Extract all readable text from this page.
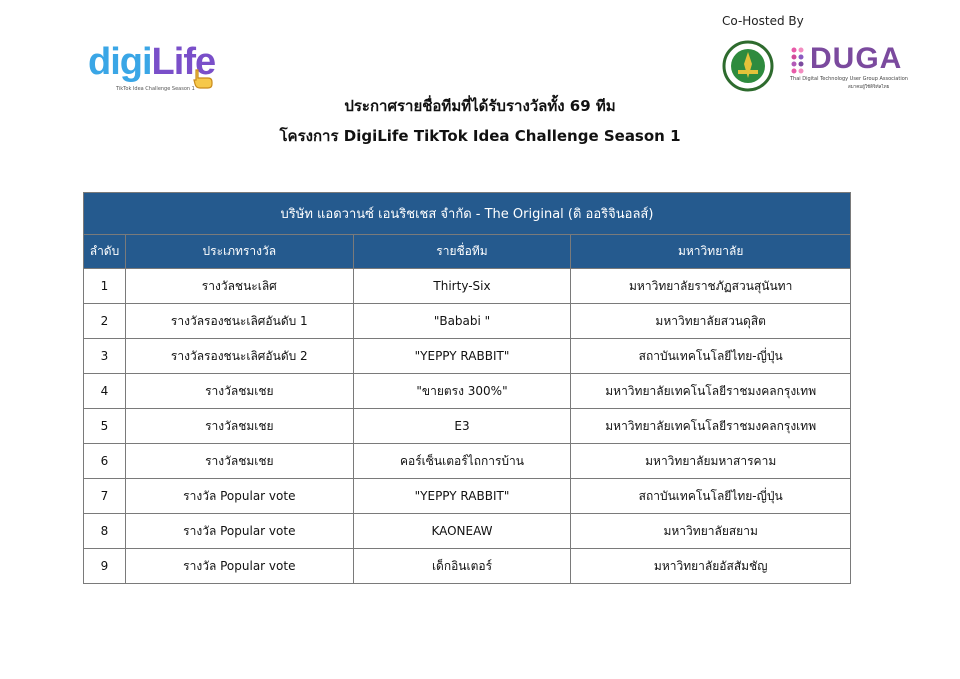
Co-Hosted By
digiLife
TikTok Idea Challenge Season 1
DUGA
Thai Digital Technology User Group Association
สมาคมผู้ใช้ดิจิทัลไทย
ประกาศรายชื่อทีมที่ได้รับรางวัลทั้ง 69 ทีม
โครงการ DigiLife TikTok Idea Challenge Season 1
บริษัท แอดวานซ์ เอนริชเชส จำกัด - The Original (ดิ ออริจินอลส์)			
ลำดับ	ประเภทรางวัล	รายชื่อทีม	มหาวิทยาลัย
1	รางวัลชนะเลิศ	Thirty-Six	มหาวิทยาลัยราชภัฏสวนสุนันทา
2	รางวัลรองชนะเลิศอันดับ 1	"Bababi "	มหาวิทยาลัยสวนดุสิต
3	รางวัลรองชนะเลิศอันดับ 2	"YEPPY RABBIT"	สถาบันเทคโนโลยีไทย-ญี่ปุ่น
4	รางวัลชมเชย	"ขายตรง 300%"	มหาวิทยาลัยเทคโนโลยีราชมงคลกรุงเทพ
5	รางวัลชมเชย	E3	มหาวิทยาลัยเทคโนโลยีราชมงคลกรุงเทพ
6	รางวัลชมเชย	คอร์เซ็นเตอร์ไถการบ้าน	มหาวิทยาลัยมหาสารคาม
7	รางวัล Popular vote	"YEPPY RABBIT"	สถาบันเทคโนโลยีไทย-ญี่ปุ่น
8	รางวัล Popular vote	KAONEAW	มหาวิทยาลัยสยาม
9	รางวัล Popular vote	เด็กอินเตอร์	มหาวิทยาลัยอัสสัมชัญ
